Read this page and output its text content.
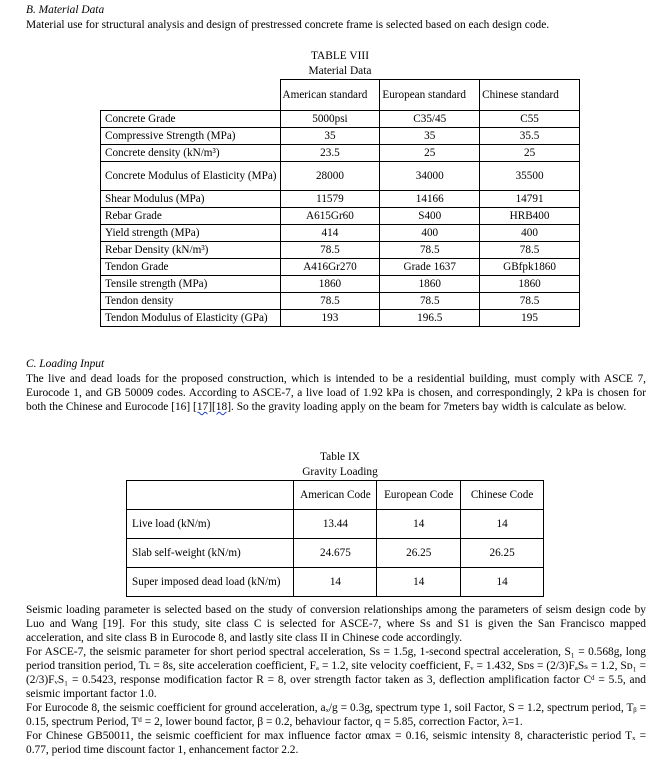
B. Material Data
Material use for structural analysis and design of prestressed concrete frame is selected based on each design code.
TABLE VIII
Material Data
	American standard	European standard	Chinese standard
Concrete Grade	5000psi	C35/45	C55
Compressive Strength (MPa)	35	35	35.5
Concrete density (kN/m³)	23.5	25	25
Concrete Modulus of Elasticity (MPa)	28000	34000	35500
Shear Modulus (MPa)	11579	14166	14791
Rebar Grade	A615Gr60	S400	HRB400
Yield strength (MPa)	414	400	400
Rebar Density (kN/m³)	78.5	78.5	78.5
Tendon Grade	A416Gr270	Grade 1637	GBfpk1860
Tensile strength (MPa)	1860	1860	1860
Tendon density	78.5	78.5	78.5
Tendon Modulus of Elasticity (GPa)	193	196.5	195
C. Loading Input
The live and dead loads for the proposed construction, which is intended to be a residential building, must comply with ASCE 7, Eurocode 1, and GB 50009 codes. According to ASCE-7, a live load of 1.92 kPa is chosen, and correspondingly, 2 kPa is chosen for both the Chinese and Eurocode [16] [17][18]. So the gravity loading apply on the beam for 7meters bay width is calculate as below.
Table IX
Gravity Loading
	American Code	European Code	Chinese Code
Live load (kN/m)	13.44	14	14
Slab self-weight (kN/m)	24.675	26.25	26.25
Super imposed dead load (kN/m)	14	14	14
Seismic loading parameter is selected based on the study of conversion relationships among the parameters of seism design code by Luo and Wang [19]. For this study, site class C is selected for ASCE-7, where Ss and S1 is given the San Francisco mapped acceleration, and site class B in Eurocode 8, and lastly site class II in Chinese code accordingly.
For ASCE-7, the seismic parameter for short period spectral acceleration, Ss = 1.5g, 1-second spectral acceleration, S₁ = 0.568g, long period transition period, Tʟ = 8s, site acceleration coefficient, Fₐ = 1.2, site velocity coefficient, Fᵥ = 1.432, Sᴅs = (2/3)FₐSₛ = 1.2, Sᴅ₁ = (2/3)FᵥS₁ = 0.5423, response modification factor R = 8, over strength factor taken as 3, deflection amplification factor Cᵈ = 5.5, and seismic important factor 1.0.
For Eurocode 8, the seismic coefficient for ground acceleration, aₓ/g = 0.3g, spectrum type 1, soil Factor, S = 1.2, spectrum period, Tᵦ = 0.15, spectrum Period, Tᵈ = 2, lower bound factor, β = 0.2, behaviour factor, q = 5.85, correction Factor, λ=1.
For Chinese GB50011, the seismic coefficient for max influence factor αmax = 0.16, seismic intensity 8, characteristic period Tₓ = 0.77, period time discount factor 1, enhancement factor 2.2.
